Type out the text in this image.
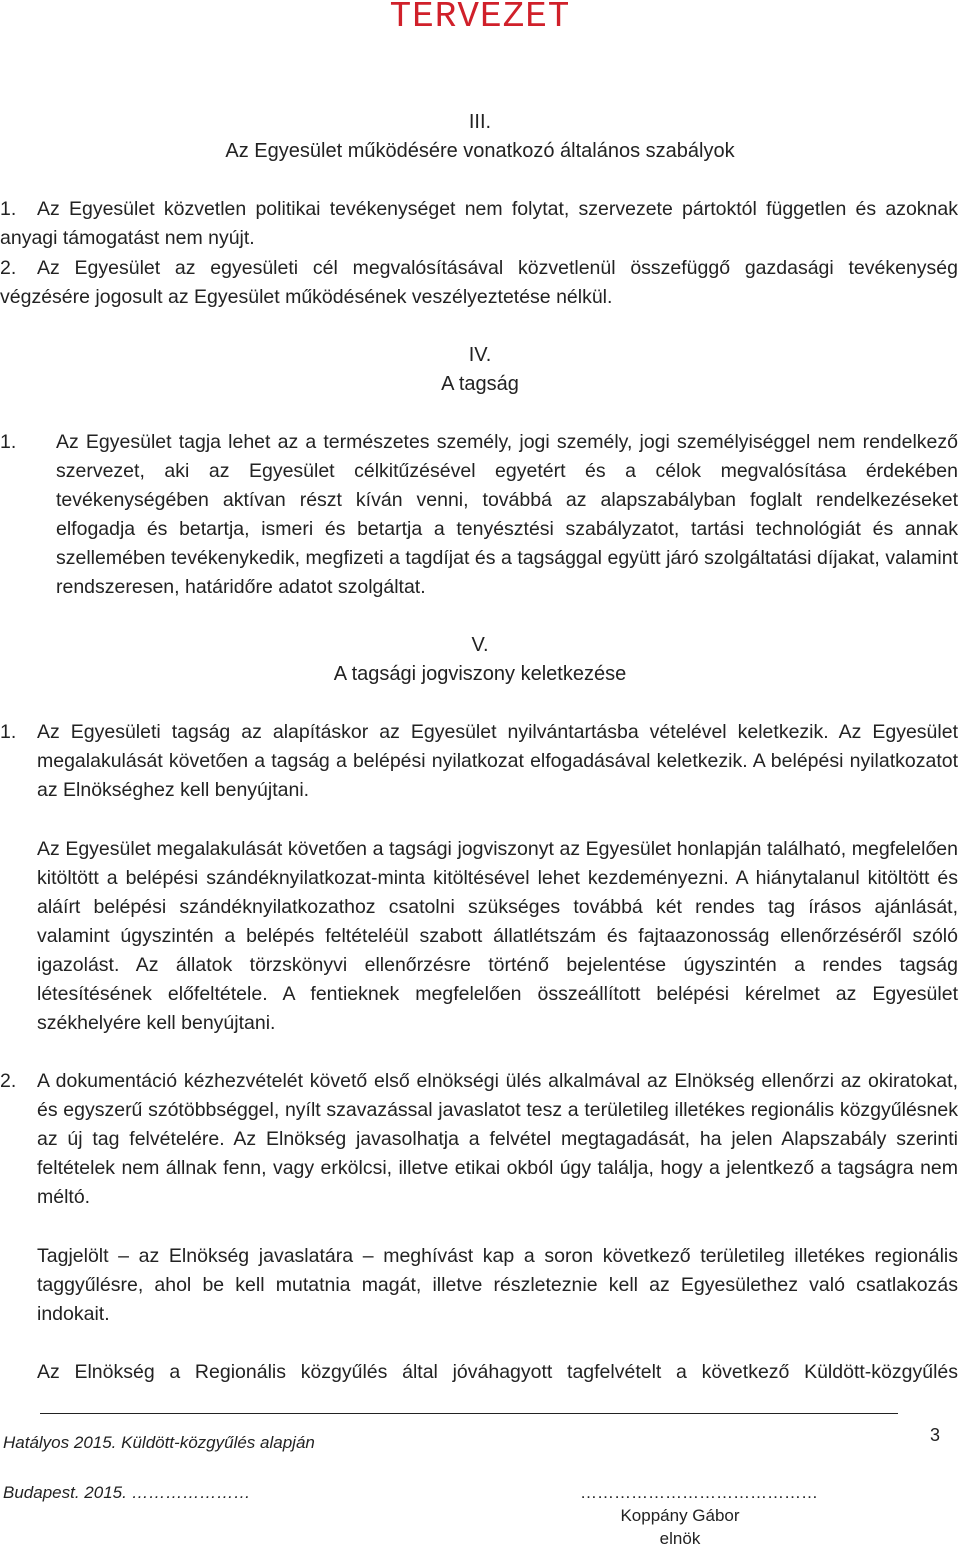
TERVEZET
III.
Az Egyesület működésére vonatkozó általános szabályok
1.	Az Egyesület közvetlen politikai tevékenységet nem folytat, szervezete pártoktól független és azoknak anyagi támogatást nem nyújt.
2.	Az Egyesület az egyesületi cél megvalósításával közvetlenül összefüggő gazdasági tevékenység végzésére jogosult az Egyesület működésének veszélyeztetése nélkül.
IV.
A tagság
1. Az Egyesület tagja lehet az a természetes személy, jogi személy, jogi személyiséggel nem rendelkező szervezet, aki az Egyesület célkitűzésével egyetért és a célok megvalósítása érdekében tevékenységében aktívan részt kíván venni, továbbá az alapszabályban foglalt rendelkezéseket elfogadja és betartja, ismeri és betartja a tenyésztési szabályzatot, tartási technológiát és annak szellemében tevékenykedik, megfizeti a tagdíjat és a tagsággal együtt járó szolgáltatási díjakat, valamint rendszeresen, határidőre adatot szolgáltat.
V.
A tagsági jogviszony keletkezése
1. Az Egyesületi tagság az alapításkor az Egyesület nyilvántartásba vételével keletkezik. Az Egyesület megalakulását követően a tagság a belépési nyilatkozat elfogadásával keletkezik. A belépési nyilatkozatot az Elnökséghez kell benyújtani.
Az Egyesület megalakulását követően a tagsági jogviszonyt az Egyesület honlapján található, megfelelően kitöltött a belépési szándéknyilatkozat-minta kitöltésével lehet kezdeményezni. A hiánytalanul kitöltött és aláírt belépési szándéknyilatkozathoz csatolni szükséges továbbá két rendes tag írásos ajánlását, valamint úgyszintén a belépés feltételéül szabott állatlétszám és fajtaazonosság ellenőrzéséről szóló igazolást. Az állatok törzskönyvi ellenőrzésre történő bejelentése úgyszintén a rendes tagság létesítésének előfeltétele. A fentieknek megfelelően összeállított belépési kérelmet az Egyesület székhelyére kell benyújtani.
2. A dokumentáció kézhezvételét követő első elnökségi ülés alkalmával az Elnökség ellenőrzi az okiratokat, és egyszerű szótöbbséggel, nyílt szavazással javaslatot tesz a területileg illetékes regionális közgyűlésnek az új tag felvételére. Az Elnökség javasolhatja a felvétel megtagadását, ha jelen Alapszabály szerinti feltételek nem állnak fenn, vagy erkölcsi, illetve etikai okból úgy találja, hogy a jelentkező a tagságra nem méltó.
Tagjelölt – az Elnökség javaslatára – meghívást kap a soron következő területileg illetékes regionális taggyűlésre, ahol be kell mutatnia magát, illetve részleteznie kell az Egyesülethez való csatlakozás indokait.
Az Elnökség a Regionális közgyűlés által jóváhagyott tagfelvételt a következő Küldött-közgyűlés
Hatályos 2015. Küldött-közgyűlés alapján	3
Budapest. 2015. …………………	……………………………………
Koppány Gábor
elnök
